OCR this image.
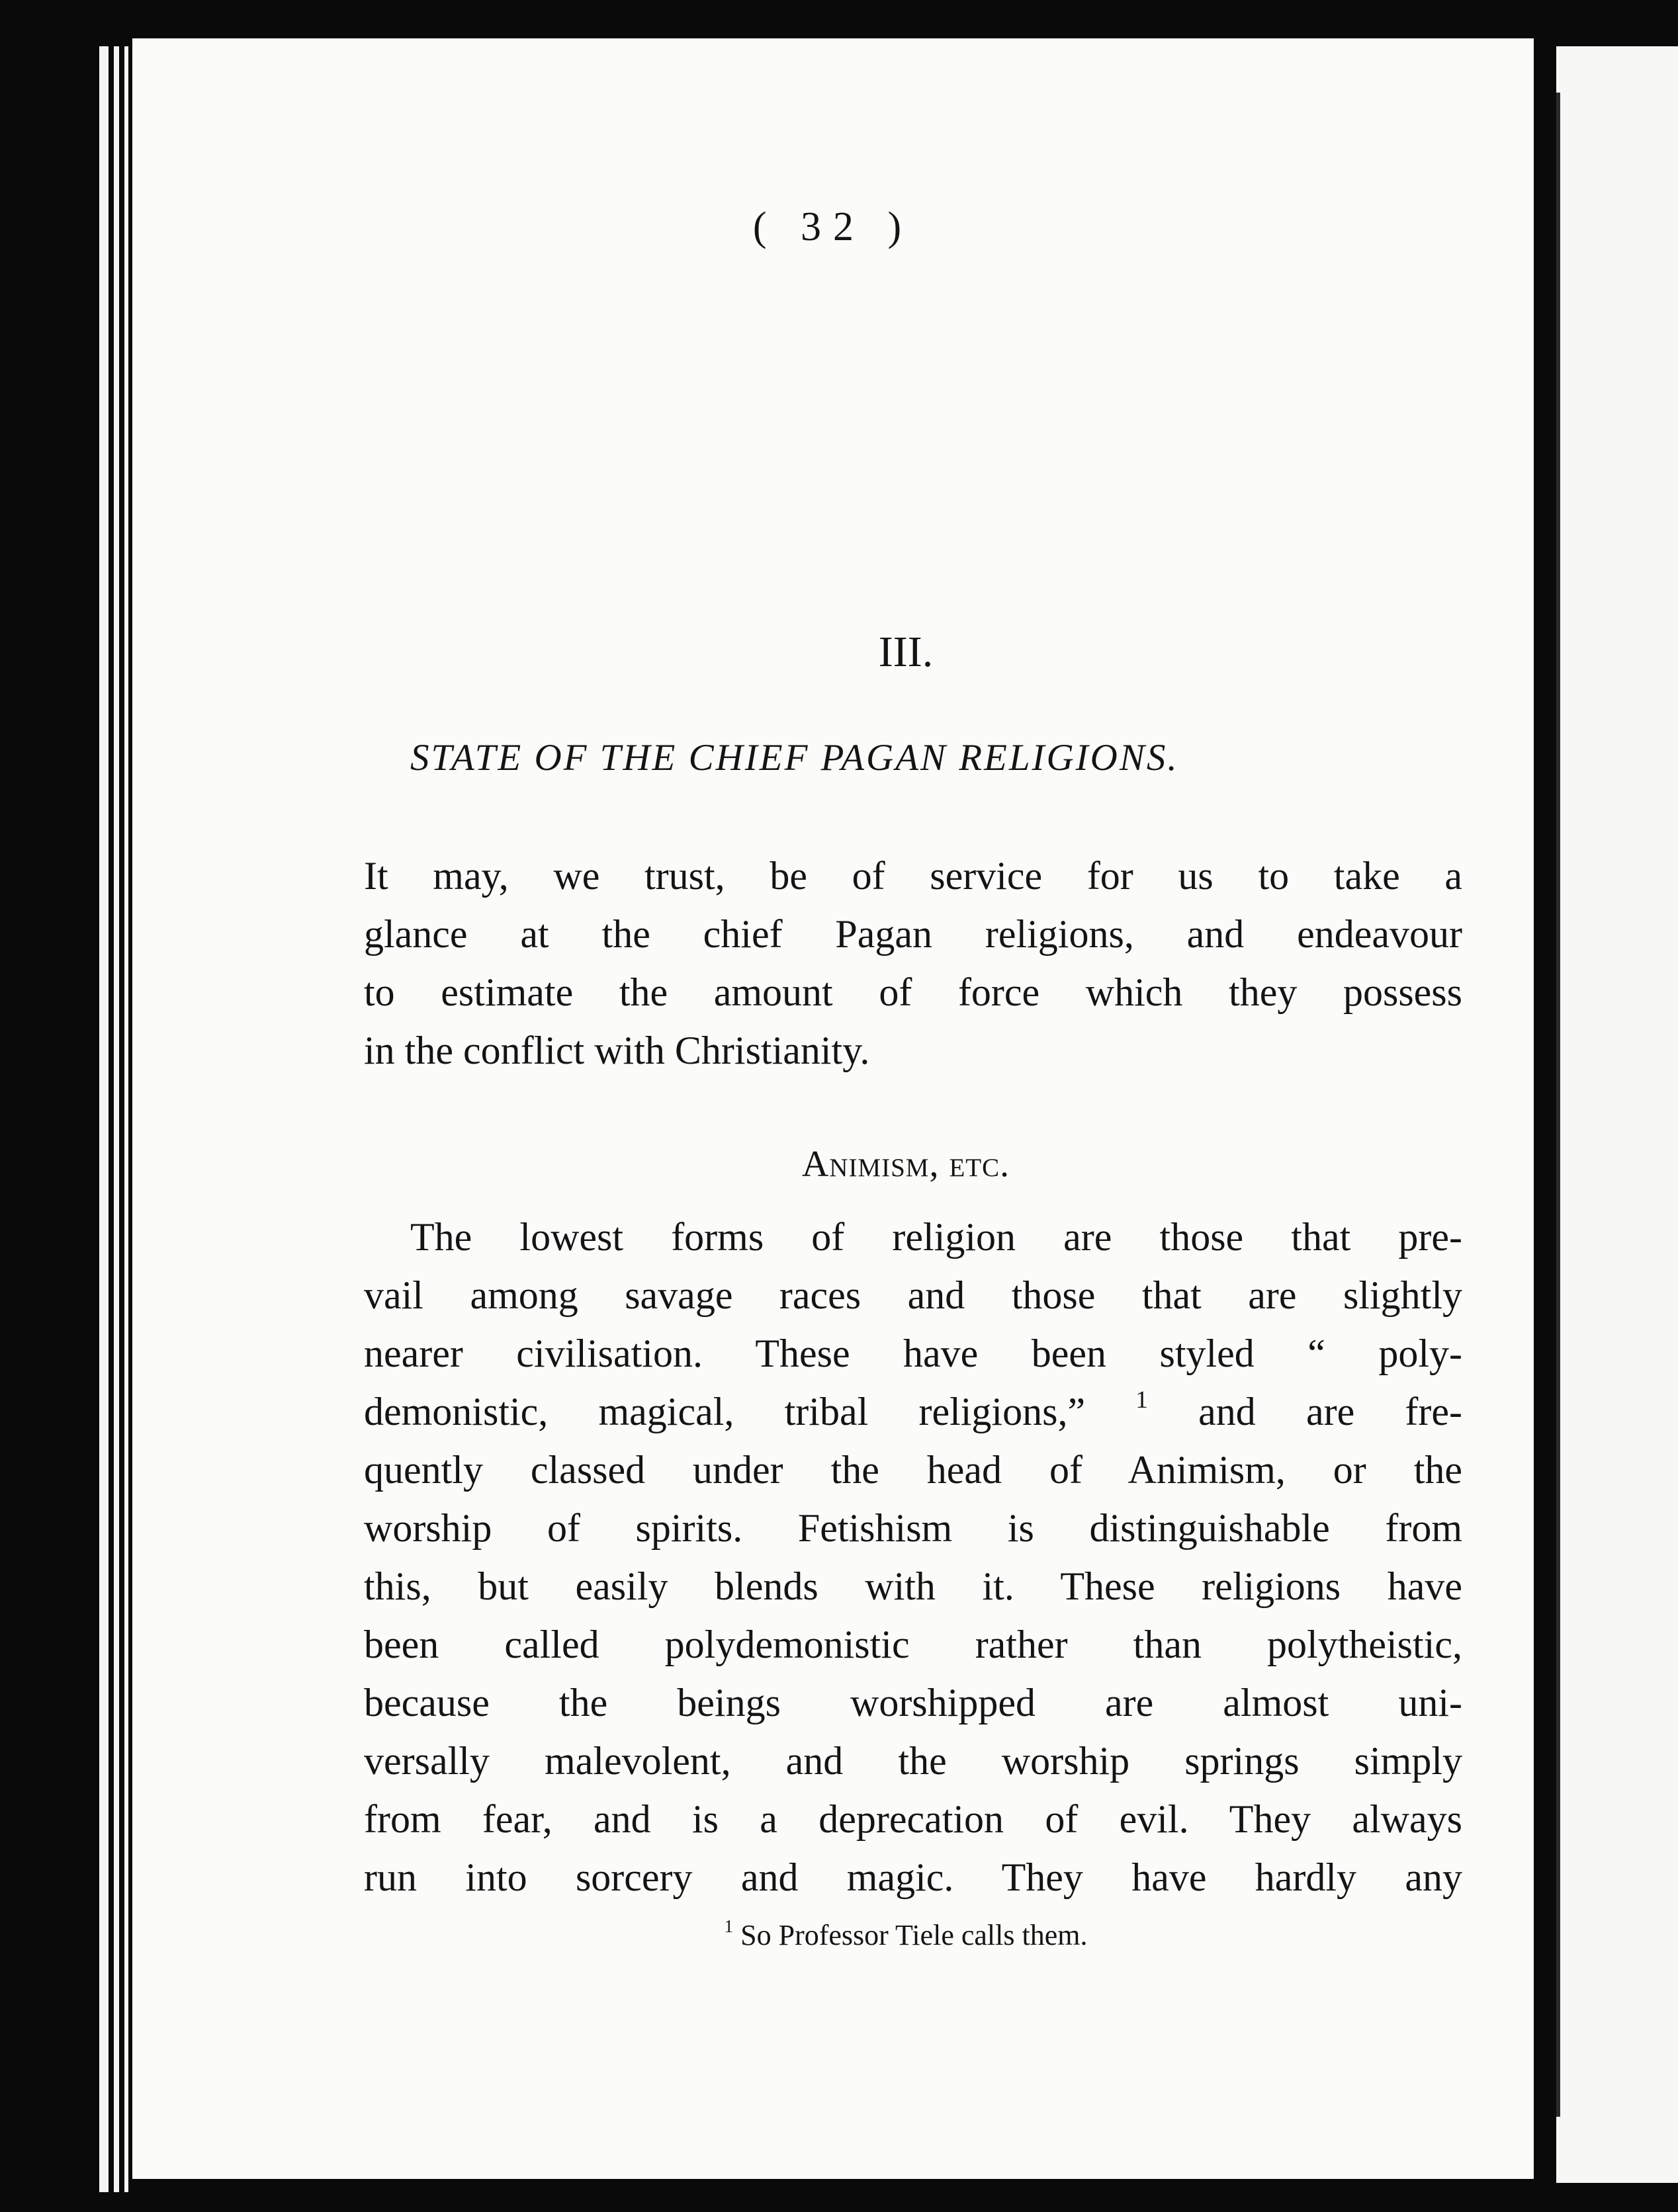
( 32 )
III.
STATE OF THE CHIEF PAGAN RELIGIONS.

It may, we trust, be of service for us to take a
glance at the chief Pagan religions, and endeavour
to estimate the amount of force which they possess
in the conflict with Christianity.

Animism, etc.

The lowest forms of religion are those that pre-
vail among savage races and those that are slightly
nearer civilisation. These have been styled “ poly-
demonistic, magical, tribal religions,” $^1$ and are fre-
quently classed under the head of Animism, or the
worship of spirits. Fetishism is distinguishable from
this, but easily blends with it. These religions have
been called polydemonistic rather than polytheistic,
because the beings worshipped are almost uni-
versally malevolent, and the worship springs simply
from fear, and is a deprecation of evil. They always
run into sorcery and magic. They have hardly any

$^1$ So Professor Tiele calls them.
